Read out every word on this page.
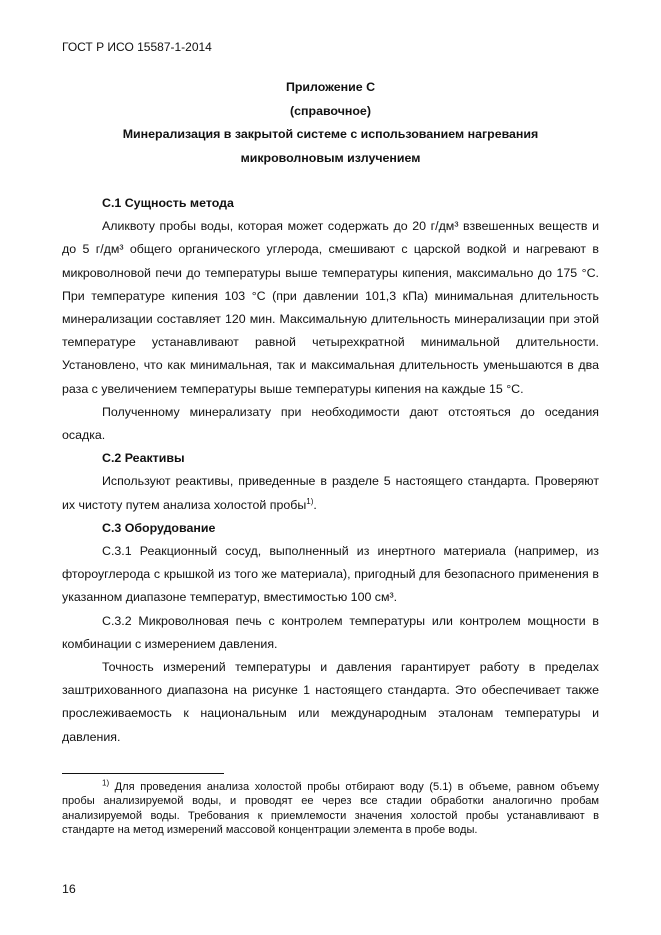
ГОСТ Р ИСО 15587-1-2014
Приложение С
(справочное)
Минерализация в закрытой системе с использованием нагревания
микроволновым излучением
С.1 Сущность метода

Аликвоту пробы воды, которая может содержать до 20 г/дм³ взвешенных веществ и до 5 г/дм³ общего органического углерода, смешивают с царской водкой и нагревают в микроволновой печи до температуры выше температуры кипения, максимально до 175 °С. При температуре кипения 103 °С (при давлении 101,3 кПа) минимальная длительность минерализации составляет 120 мин. Максимальную длительность минерализации при этой температуре устанавливают равной четырехкратной минимальной длительности. Установлено, что как минимальная, так и максимальная длительность уменьшаются в два раза с увеличением температуры выше температуры кипения на каждые 15 °С.

Полученному минерализату при необходимости дают отстояться до оседания осадка.

С.2 Реактивы

Используют реактивы, приведенные в разделе 5 настоящего стандарта. Проверяют их чистоту путем анализа холостой пробы$^{1)}$.

С.3 Оборудование

С.3.1 Реакционный сосуд, выполненный из инертного материала (например, из фтороуглерода с крышкой из того же материала), пригодный для безопасного применения в указанном диапазоне температур, вместимостью 100 см³.

С.3.2 Микроволновая печь с контролем температуры или контролем мощности в комбинации с измерением давления.

Точность измерений температуры и давления гарантирует работу в пределах заштрихованного диапазона на рисунке 1 настоящего стандарта. Это обеспечивает также прослеживаемость к национальным или международным эталонам температуры и давления.

$^{1)}$ Для проведения анализа холостой пробы отбирают воду (5.1) в объеме, равном объему пробы анализируемой воды, и проводят ее через все стадии обработки аналогично пробам анализируемой воды. Требования к приемлемости значения холостой пробы устанавливают в стандарте на метод измерений массовой концентрации элемента в пробе воды.
16
